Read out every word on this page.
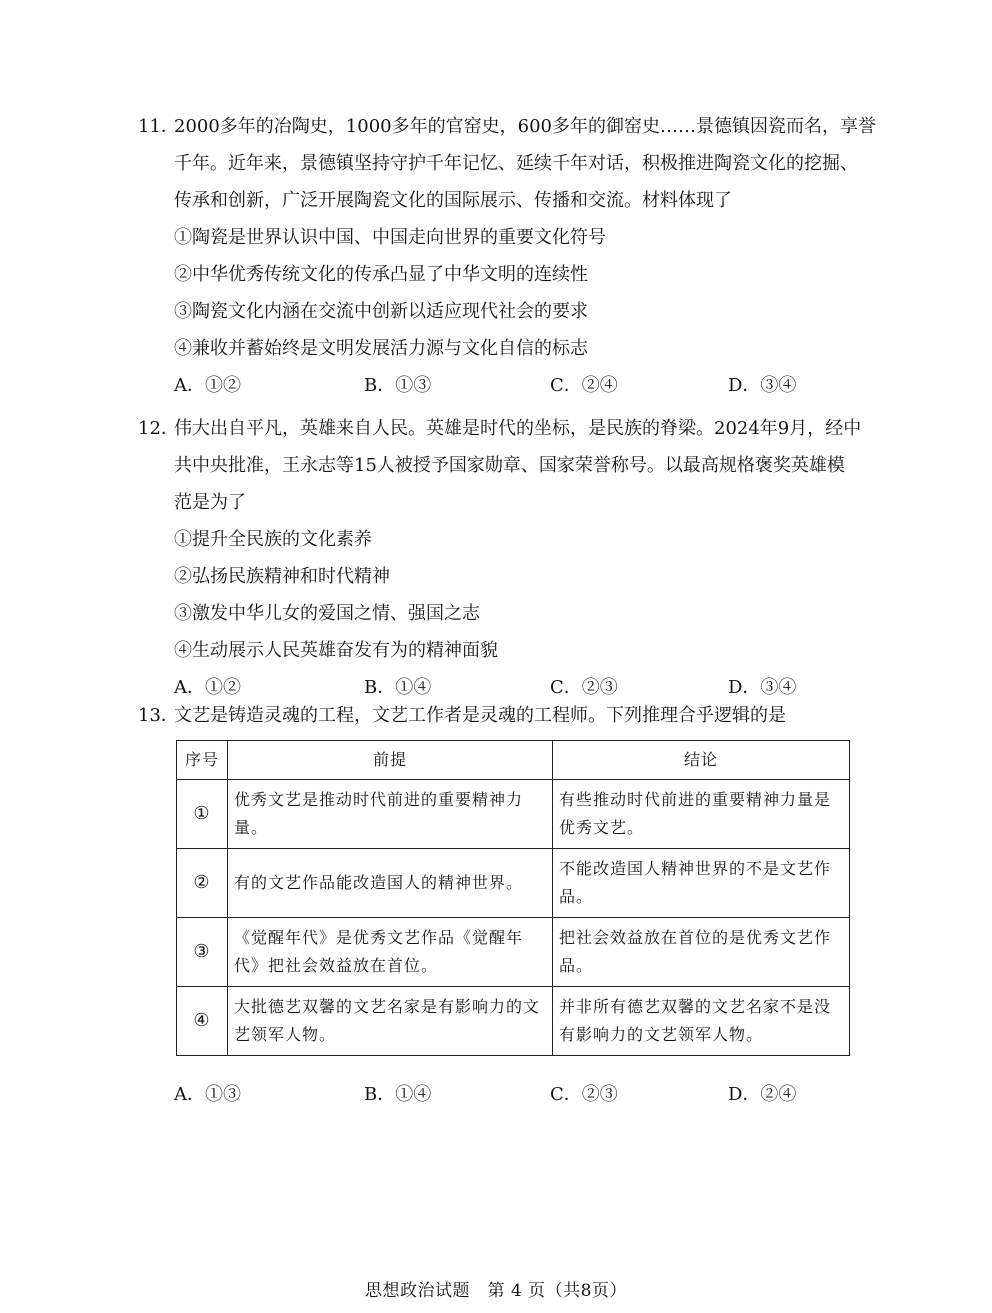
11．
2000多年的冶陶史，1000多年的官窑史，600多年的御窑史……景德镇因瓷而名，享誉
千年。近年来，景德镇坚持守护千年记忆、延续千年对话，积极推进陶瓷文化的挖掘、
传承和创新，广泛开展陶瓷文化的国际展示、传播和交流。材料体现了
①陶瓷是世界认识中国、中国走向世界的重要文化符号
②中华优秀传统文化的传承凸显了中华文明的连续性
③陶瓷文化内涵在交流中创新以适应现代社会的要求
④兼收并蓄始终是文明发展活力源与文化自信的标志
A．①②	B．①③	C．②④	D．③④
12．
伟大出自平凡，英雄来自人民。英雄是时代的坐标，是民族的脊梁。2024年9月，经中
共中央批准，王永志等15人被授予国家勋章、国家荣誉称号。以最高规格褒奖英雄模
范是为了
①提升全民族的文化素养
②弘扬民族精神和时代精神
③激发中华儿女的爱国之情、强国之志
④生动展示人民英雄奋发有为的精神面貌
A．①②	B．①④	C．②③	D．③④
13．
文艺是铸造灵魂的工程，文艺工作者是灵魂的工程师。下列推理合乎逻辑的是
序号	前提	结论
①	优秀文艺是推动时代前进的重要精神力量。	有些推动时代前进的重要精神力量是优秀文艺。
②	有的文艺作品能改造国人的精神世界。	不能改造国人精神世界的不是文艺作品。
③	《觉醒年代》是优秀文艺作品《觉醒年代》把社会效益放在首位。	把社会效益放在首位的是优秀文艺作品。
④	大批德艺双馨的文艺名家是有影响力的文艺领军人物。	并非所有德艺双馨的文艺名家不是没有影响力的文艺领军人物。
A．①③	B．①④	C．②③	D．②④
思想政治试题　第 4 页（共8页）
